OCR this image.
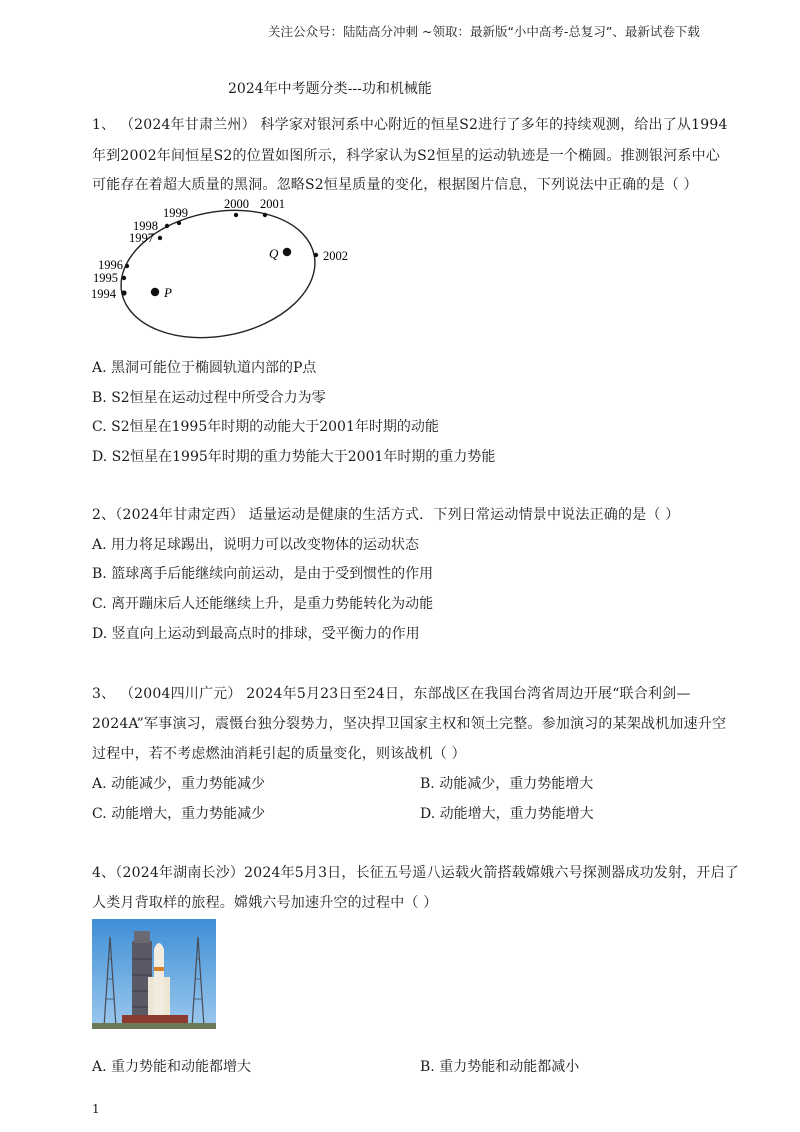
关注公众号：陆陆高分冲刺 ~领取：最新版“小中高考-总复习”、最新试卷下载
2024年中考题分类---功和机械能
1、 （2024年甘肃兰州） 科学家对银河系中心附近的恒星S2进行了多年的持续观测，给出了从1994
年到2002年间恒星S2的位置如图所示，科学家认为S2恒星的运动轨迹是一个椭圆。推测银河系中心
可能存在着超大质量的黑洞。忽略S2恒星质量的变化，根据图片信息，下列说法中正确的是（ ）
1994
1995
1996
1997
1998
1999
2000 2001
2002
P
Q
A. 黑洞可能位于椭圆轨道内部的P点
B. S2恒星在运动过程中所受合力为零
C. S2恒星在1995年时期的动能大于2001年时期的动能
D. S2恒星在1995年时期的重力势能大于2001年时期的重力势能
2、（2024年甘肃定西） 适量运动是健康的生活方式．下列日常运动情景中说法正确的是（ ）
A. 用力将足球踢出，说明力可以改变物体的运动状态
B. 篮球离手后能继续向前运动，是由于受到惯性的作用
C. 离开蹦床后人还能继续上升，是重力势能转化为动能
D. 竖直向上运动到最高点时的排球，受平衡力的作用
3、 （2004四川广元） 2024年5月23日至24日，东部战区在我国台湾省周边开展“联合利剑—
2024A”军事演习，震慑台独分裂势力，坚决捍卫国家主权和领土完整。参加演习的某架战机加速升空
过程中，若不考虑燃油消耗引起的质量变化，则该战机（ ）
A. 动能减少，重力势能减少	B. 动能减少，重力势能增大
C. 动能增大，重力势能减少	D. 动能增大，重力势能增大
4、（2024年湖南长沙）2024年5月3日，长征五号遥八运载火箭搭载嫦娥六号探测器成功发射，开启了
人类月背取样的旅程。嫦娥六号加速升空的过程中（ ）
A. 重力势能和动能都增大	B. 重力势能和动能都减小
1
